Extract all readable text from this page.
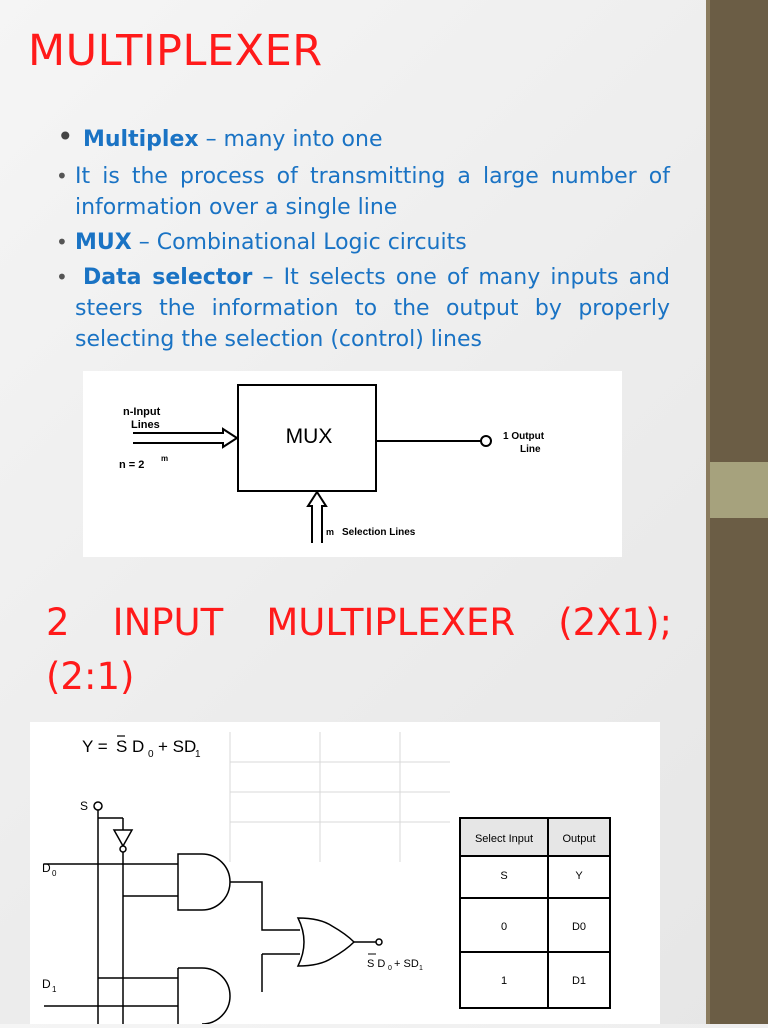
MULTIPLEXER
• Multiplex – many into one
• It is the process of transmitting a large number of information over a single line
• MUX – Combinational Logic circuits
• Data selector – It selects one of many inputs and steers the information to the output by properly selecting the selection (control) lines
MUX
n-Input
Lines
n = 2
m
1 Output
Line
m Selection Lines
2 INPUT MULTIPLEXER (2X1);
(2:1)
Y = S D 0 + SD
1
S
D 0
S D 0 + SD 1
D 1
Select Input	Output
S	Y
0	D0
1	D1
